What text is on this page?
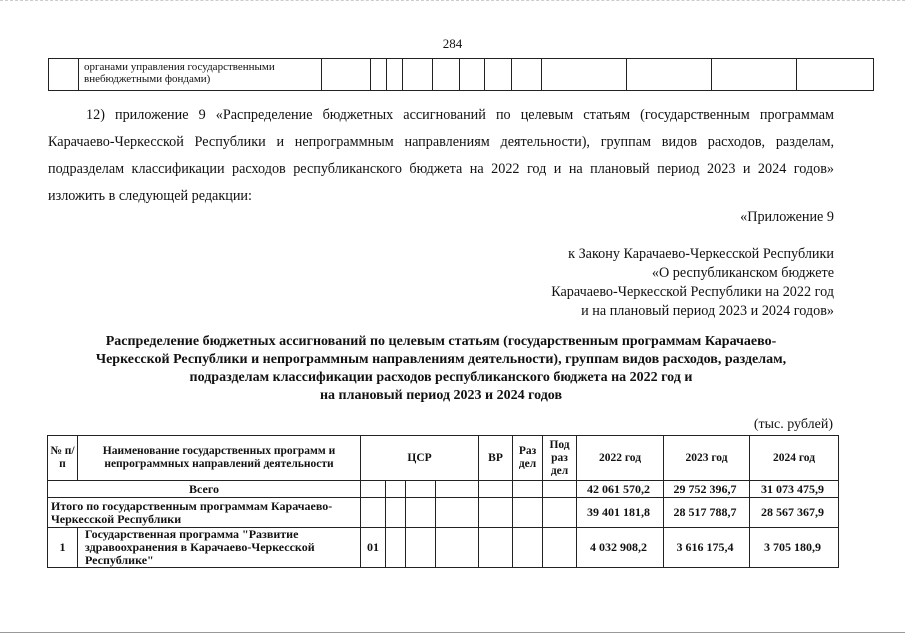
284
	органами управления государственными внебюджетными фондами)												
12) приложение 9 «Распределение бюджетных ассигнований по целевым статьям (государственным программам Карачаево-Черкесской Республики и непрограммным направлениям деятельности), группам видов расходов, разделам, подразделам классификации расходов республиканского бюджета на 2022 год и на плановый период 2023 и 2024 годов» изложить в следующей редакции:
«Приложение 9
к Закону Карачаево-Черкесской Республики
«О республиканском бюджете
Карачаево-Черкесской Республики на 2022 год
и на плановый период 2023 и 2024 годов»
Распределение бюджетных ассигнований по целевым статьям (государственным программам Карачаево-
Черкесской Республики и непрограммным направлениям деятельности), группам видов расходов, разделам,
подразделам классификации расходов республиканского бюджета на 2022 год и
на плановый период 2023 и 2024 годов
(тыс. рублей)
№ п/п	Наименование государственных программ и непрограммных направлений деятельности	ЦСР				ВР	Раз дел	Под раз дел	2022 год	2023 год	2024 год
Всего									42 061 570,2	29 752 396,7	31 073 475,9
Итого по государственным программам Карачаево-Черкесской Республики									39 401 181,8	28 517 788,7	28 567 367,9
1	Государственная программа "Развитие здравоохранения в Карачаево-Черкесской Республике"	01							4 032 908,2	3 616 175,4	3 705 180,9
